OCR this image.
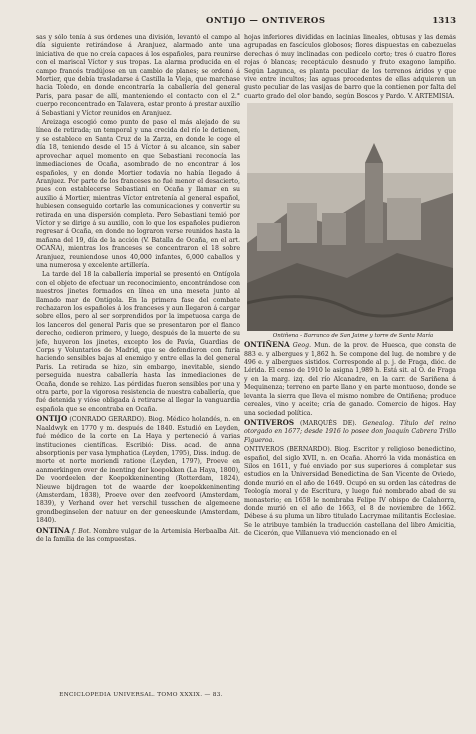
ONTIJO — ONTIVEROS	1313

sas y sólo tenía á sus órdenes una división, levantó el campo al día siguiente retirándose á Aranjuez, alarmado ante una iniciativa de que no creía capaces á los españoles, para reunirse con el mariscal Víctor y sus tropas. La alarma producida en el campo francés tradújose en un cambio de planes; se ordenó á Mortier, que debía trasladarse á Castilla la Vieja, que marchase hacia Toledo, en donde encontraría la caballería del general Paris, para pasar de allí, manteniendo el contacto con el 2.° cuerpo reconcentrado en Talavera, estar pronto á prestar auxilio á Sebastiani y Víctor reunidos en Aranjuez.

Areizaga escogió como punto de paso el más alejado de su línea de retirada; un temporal y una crecida del río le detienen, y se establece en Santa Cruz de la Zarza, en donde le coge el día 18, teniendo desde el 15 á Víctor á su alcance, sin saber aprovechar aquel momento en que Sebastiani reconocía las inmediaciones de Ocaña, asombrado de no encontrar á los españoles, y en donde Mortier todavía no había llegado á Aranjuez. Por parte de los franceses no fué menor el desacierto, pues con establecerse Sebastiani en Ocaña y llamar en su auxilio á Mortier, mientras Víctor entretenía al general español, hubiesen conseguido cortarle las comunicaciones y convertir su retirada en una dispersión completa. Pero Sebastiani temió por Víctor y se dirige á su auxilio, con lo que los españoles pudieron regresar á Ocaña, en donde no lograron verse reunidos hasta la mañana del 19, día de la acción (V. Batalla de Ocaña, en el art. OCAÑA), mientras los franceses se concentraron el 18 sobre Aranjuez, reuniendose unos 40,000 infantes, 6,000 caballos y una numerosa y excelente artillería.

La tarde del 18 la caballería imperial se presentó en Ontígola con el objeto de efectuar un reconocimiento, encontrándose con nuestros jinetes formados en línea en una meseta junto al llamado mar de Ontígola. En la primera fase del combate rechazaron los españoles á los franceses y aun llegaron á cargar sobre ellos, pero al ser sorprendidos por la impetuosa carga de los lanceros del general Paris que se presentaron por el flanco derecho, cedieron primero, y luego, después de la muerte de su jefe, huyeron los jinetes, excepto los de Pavía, Guardias de Corps y Voluntarios de Madrid, que se defendieron con furia haciendo sensibles bajas al enemigo y entre ellas la del general Paris. La retirada se hizo, sin embargo, inevitable, siendo perseguida nuestra caballería hasta las inmediaciones de Ocaña, donde se rehizo. Las pérdidas fueron sensibles por una y otra parte, por la vigorosa resistencia de nuestra caballería, que fué detenida y vióse obligada á retirarse al llegar la vanguardia española que se encontraba en Ocaña.

ONTIJO (CONRADO GERARDO). Biog. Médico holandés, n. en Naaldwyk en 1770 y m. después de 1840. Estudió en Leyden, fué médico de la corte en La Haya y perteneció á varias instituciones científicas. Escribió: Diss. acad. de anna absorptionis per vasa lymphatica (Leyden, 1795), Diss. indug. de morte et norte moriendi ratione (Leyden, 1797), Proeve en aanmerkingen over de inenting der koepokken (La Haya, 1800), De voordeelen der Koepokkeninenting (Rotterdam, 1824), Nieuwe bijdragen tot de waarde der koepokkeninenting (Amsterdam, 1838), Proeve over den zeefvoord (Amsterdam, 1839), y Verhand over het verschil tusschen de algemeene grondbeginselen der natuur en der geneeskunde (Amsterdam, 1840).

ONTINA f. Bot. Nombre vulgar de la Artemisia Herbaalba Ait. de la familia de las compuestas.

hojas inferiores divididas en lacinias lineales, obtusas y las demás agrupadas en fascículos globosos; flores dispuestas en cabezuelas derechas ó muy inclinadas con pedicelo corto; tres ó cuatro flores rojas ó blancas; receptáculo desnudo y fruto exagono lampiño. Según Lagunca, es planta peculiar de los terrenos áridos y que vive entre incultos; las aguas procedentes de ellas adquieren un gusto peculiar de las vasijas de barro que la contienen por falta del cuarto grado del olor bando, según Boscos y Pardo. V. ARTEMISIA.

Ontiñena - Barranco de San Jaime y torre de Santa María

ONTIÑENA Geog. Mun. de la prov. de Huesca, que consta de 883 e. y albergues y 1,862 h. Se compone del lug. de nombre y de 496 e. y albergues sistidos. Corresponde al p. j. de Fraga, dióc. de Lérida. El censo de 1910 le asigna 1,989 h. Está sit. al O. de Fraga y en la marg. izq. del río Alcanadre, en la carr. de Sariñena á Mequinenza; terreno en parte llano y en parte montuoso, donde se levanta la sierra que lleva el mismo nombre de Ontiñena; produce cereales, vino y aceite; cría de ganado. Comercio de higos. Hay una sociedad política.

ONTIVEROS (MARQUÉS DE). Genealog. Título del reino otorgado en 1677; desde 1916 lo posee don Joaquín Cabrera Trillo Figueroa.

ONTIVEROS (BERNARDO). Biog. Escritor y religioso benedictino, español, del siglo XVII, n. en Ocaña. Ahorró la vida monástica en Silos en 1611, y fué enviado por sus superiores á completar sus estudios en la Universidad Benedictina de San Vicente de Oviedo, donde murió en el año de 1649. Ocupó en su orden las cátedras de Teología moral y de Escritura, y luego fué nombrado abad de su monasterio; en 1658 le nombraba Felipe IV obispo de Calahorra, donde murió en el año de 1663, el 8 de noviembre de 1662. Débese á su pluma un libro titulado Lacrymae militantis Ecclesiae. Se le atribuye también la traducción castellana del libro Amicitia, de Cicerón, que Villanueva vió mencionado en el

ENCICLOPEDIA UNIVERSAL. TOMO XXXIX. — 83.
